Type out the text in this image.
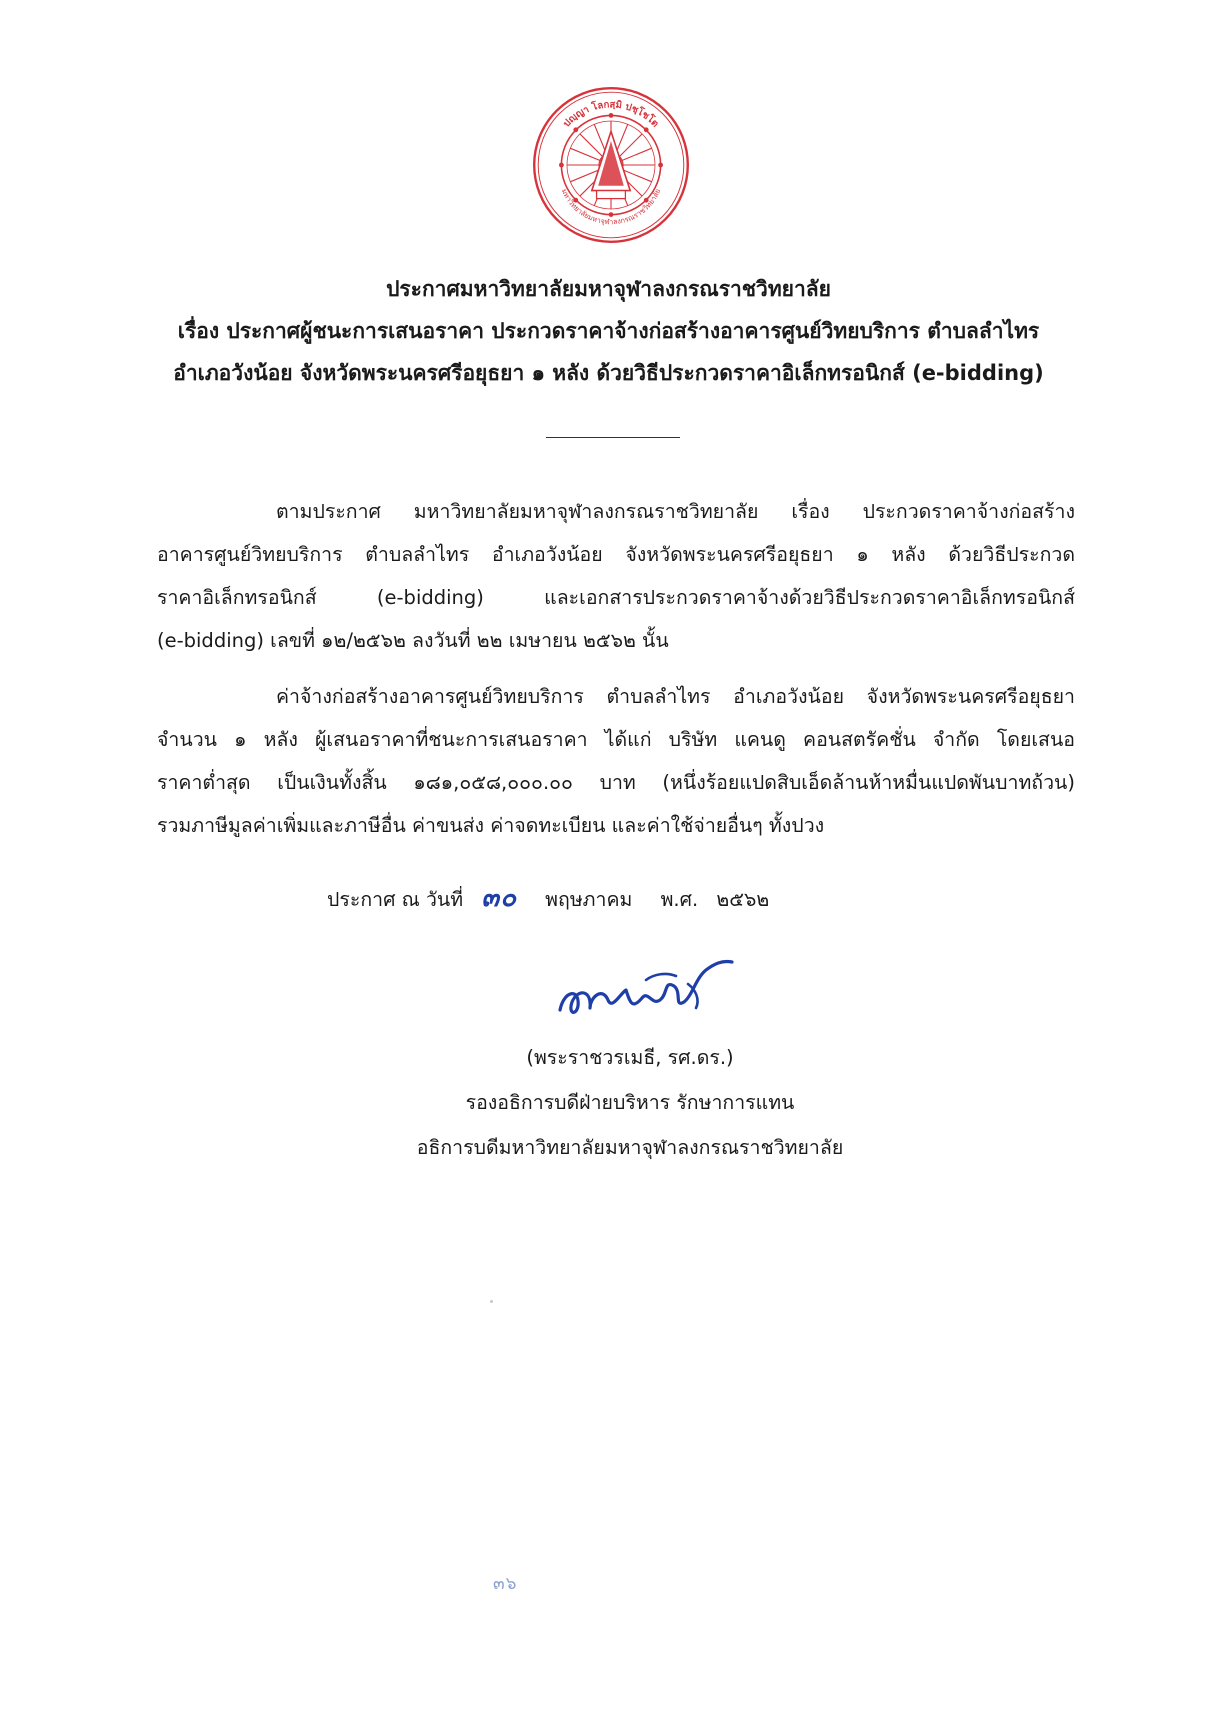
ปญฺญา โลกสฺมิ ปชฺโชโต
มหาวิทยาลัยมหาจุฬาลงกรณราชวิทยาลัย
ประกาศมหาวิทยาลัยมหาจุฬาลงกรณราชวิทยาลัย
เรื่อง ประกาศผู้ชนะการเสนอราคา ประกวดราคาจ้างก่อสร้างอาคารศูนย์วิทยบริการ ตำบลลำไทร
อำเภอวังน้อย จังหวัดพระนครศรีอยุธยา ๑ หลัง ด้วยวิธีประกวดราคาอิเล็กทรอนิกส์ (e-bidding)
ตามประกาศ มหาวิทยาลัยมหาจุฬาลงกรณราชวิทยาลัย เรื่อง ประกวดราคาจ้างก่อสร้าง
อาคารศูนย์วิทยบริการ ตำบลลำไทร อำเภอวังน้อย จังหวัดพระนครศรีอยุธยา ๑ หลัง ด้วยวิธีประกวด
ราคาอิเล็กทรอนิกส์ (e-bidding) และเอกสารประกวดราคาจ้างด้วยวิธีประกวดราคาอิเล็กทรอนิกส์
(e-bidding) เลขที่ ๑๒/๒๕๖๒ ลงวันที่ ๒๒ เมษายน ๒๕๖๒ นั้น
ค่าจ้างก่อสร้างอาคารศูนย์วิทยบริการ ตำบลลำไทร อำเภอวังน้อย จังหวัดพระนครศรีอยุธยา
จำนวน ๑ หลัง ผู้เสนอราคาที่ชนะการเสนอราคา ได้แก่ บริษัท แคนดู คอนสตรัคชั่น จำกัด โดยเสนอ
ราคาต่ำสุด เป็นเงินทั้งสิ้น ๑๘๑,๐๕๘,๐๐๐.๐๐ บาท (หนึ่งร้อยแปดสิบเอ็ดล้านห้าหมื่นแปดพันบาทถ้วน)
รวมภาษีมูลค่าเพิ่มและภาษีอื่น ค่าขนส่ง ค่าจดทะเบียน และค่าใช้จ่ายอื่นๆ ทั้งปวง
ประกาศ ณ วันที่ ๓๐ พฤษภาคม พ.ศ. ๒๕๖๒
(พระราชวรเมธี, รศ.ดร.)
รองอธิการบดีฝ่ายบริหาร รักษาการแทน
อธิการบดีมหาวิทยาลัยมหาจุฬาลงกรณราชวิทยาลัย
๓๖
